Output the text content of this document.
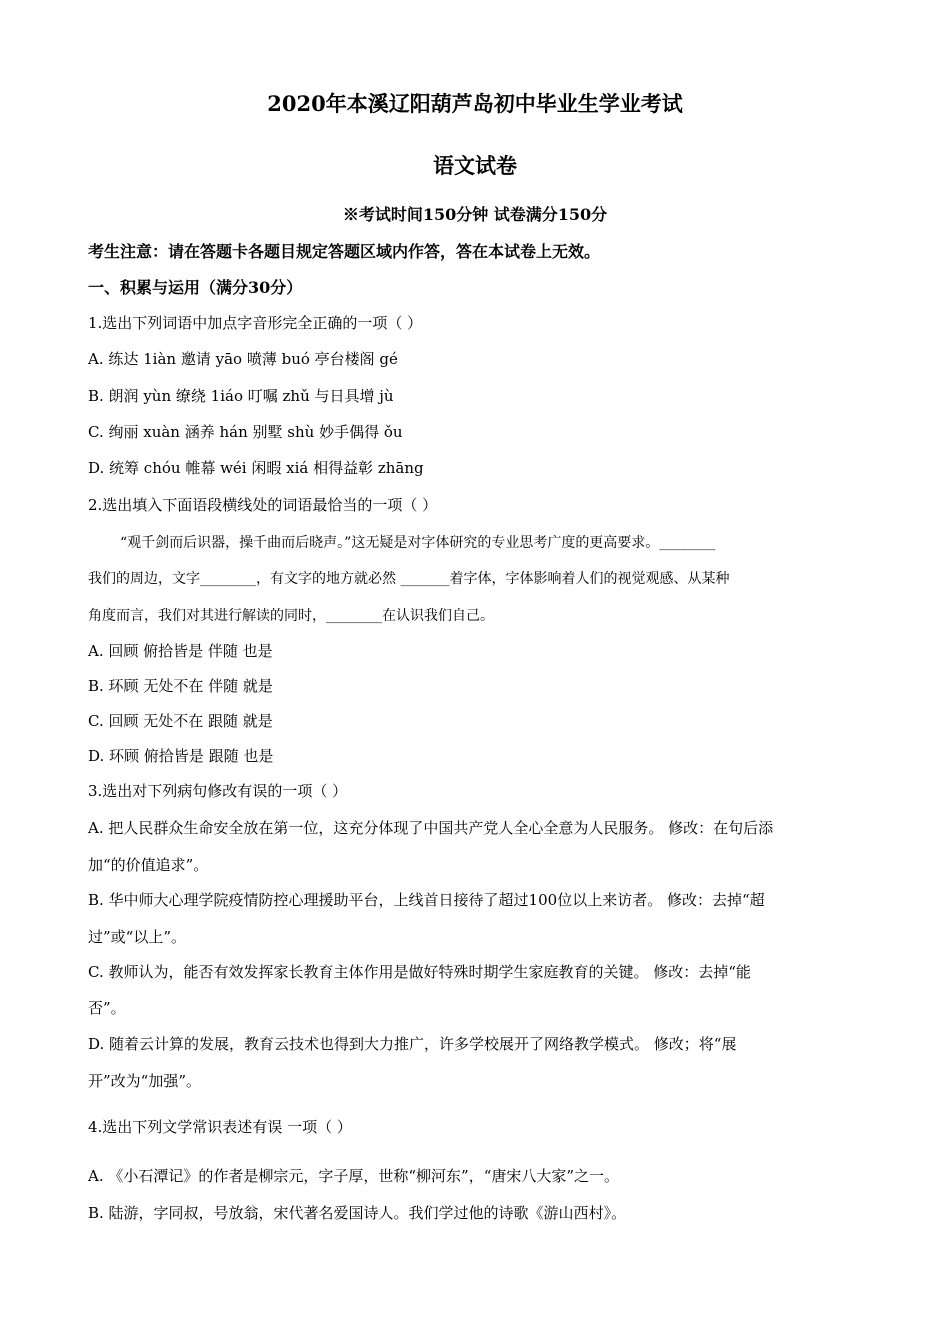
2020年本溪辽阳葫芦岛初中毕业生学业考试
语文试卷
※考试时间150分钟 试卷满分150分
考生注意：请在答题卡各题目规定答题区域内作答，答在本试卷上无效。
一、积累与运用（满分30分）
1.选出下列词语中加点字音形完全正确的一项（ ）
A. 练达 1iàn 邀请 yāo 喷薄 buó 亭台楼阁 gé
B. 朗润 yùn 缭绕 1iáo 叮嘱 zhǔ 与日具增 jù
C. 绚丽 xuàn 涵养 hán 别墅 shù 妙手偶得 ǒu
D. 统筹 chóu 帷幕 wéi 闲暇 xiá 相得益彰 zhāng
2.选出填入下面语段横线处的词语最恰当的一项（ ）
“观千剑而后识器，操千曲而后晓声。”这无疑是对字体研究的专业思考广度的更高要求。________
我们的周边，文字________，有文字的地方就必然 _______着字体，字体影响着人们的视觉观感、从某种
角度而言，我们对其进行解读的同时，________在认识我们自己。
A. 回顾 俯拾皆是 伴随 也是
B. 环顾 无处不在 伴随 就是
C. 回顾 无处不在 跟随 就是
D. 环顾 俯拾皆是 跟随 也是
3.选出对下列病句修改有误的一项（ ）
A. 把人民群众生命安全放在第一位，这充分体现了中国共产党人全心全意为人民服务。 修改：在句后添
加“的价值追求”。
B. 华中师大心理学院疫情防控心理援助平台，上线首日接待了超过100位以上来访者。 修改：去掉“超
过”或“以上”。
C. 教师认为，能否有效发挥家长教育主体作用是做好特殊时期学生家庭教育的关键。 修改：去掉“能
否”。
D. 随着云计算的发展，教育云技术也得到大力推广，许多学校展开了网络教学模式。 修改；将“展
开”改为“加强”。
4.选出下列文学常识表述有误 一项（ ）
A. 《小石潭记》的作者是柳宗元，字子厚，世称“柳河东”，“唐宋八大家”之一。
B. 陆游，字同叔，号放翁，宋代著名爱国诗人。我们学过他的诗歌《游山西村》。
